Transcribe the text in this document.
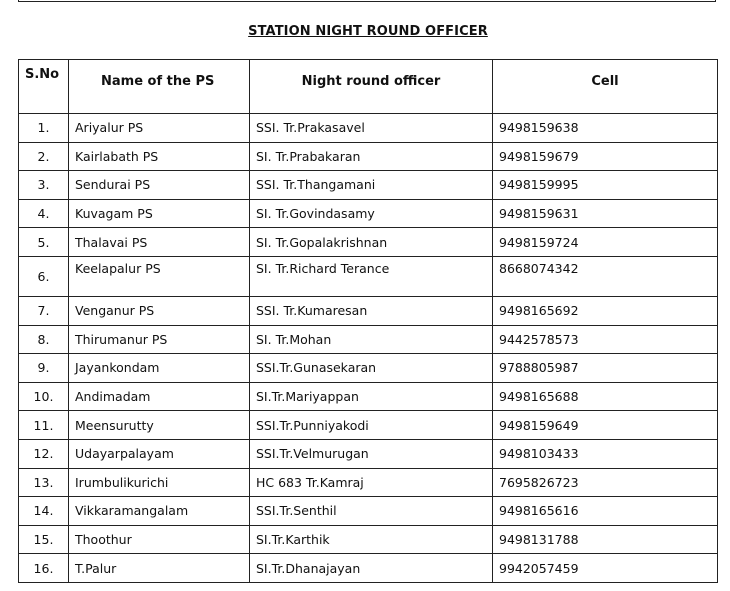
STATION NIGHT ROUND OFFICER
S.No	Name of the PS	Night round officer	Cell
1.	Ariyalur PS	SSI. Tr.Prakasavel	9498159638
2.	Kairlabath PS	SI. Tr.Prabakaran	9498159679
3.	Sendurai PS	SSI. Tr.Thangamani	9498159995
4.	Kuvagam PS	SI. Tr.Govindasamy	9498159631
5.	Thalavai PS	SI. Tr.Gopalakrishnan	9498159724
6.	Keelapalur PS	SI. Tr.Richard Terance	8668074342
7.	Venganur PS	SSI. Tr.Kumaresan	9498165692
8.	Thirumanur PS	SI. Tr.Mohan	9442578573
9.	Jayankondam	SSI.Tr.Gunasekaran	9788805987
10.	Andimadam	SI.Tr.Mariyappan	9498165688
11.	Meensurutty	SSI.Tr.Punniyakodi	9498159649
12.	Udayarpalayam	SSI.Tr.Velmurugan	9498103433
13.	Irumbulikurichi	HC 683 Tr.Kamraj	7695826723
14.	Vikkaramangalam	SSI.Tr.Senthil	9498165616
15.	Thoothur	SI.Tr.Karthik	9498131788
16.	T.Palur	SI.Tr.Dhanajayan	9942057459
